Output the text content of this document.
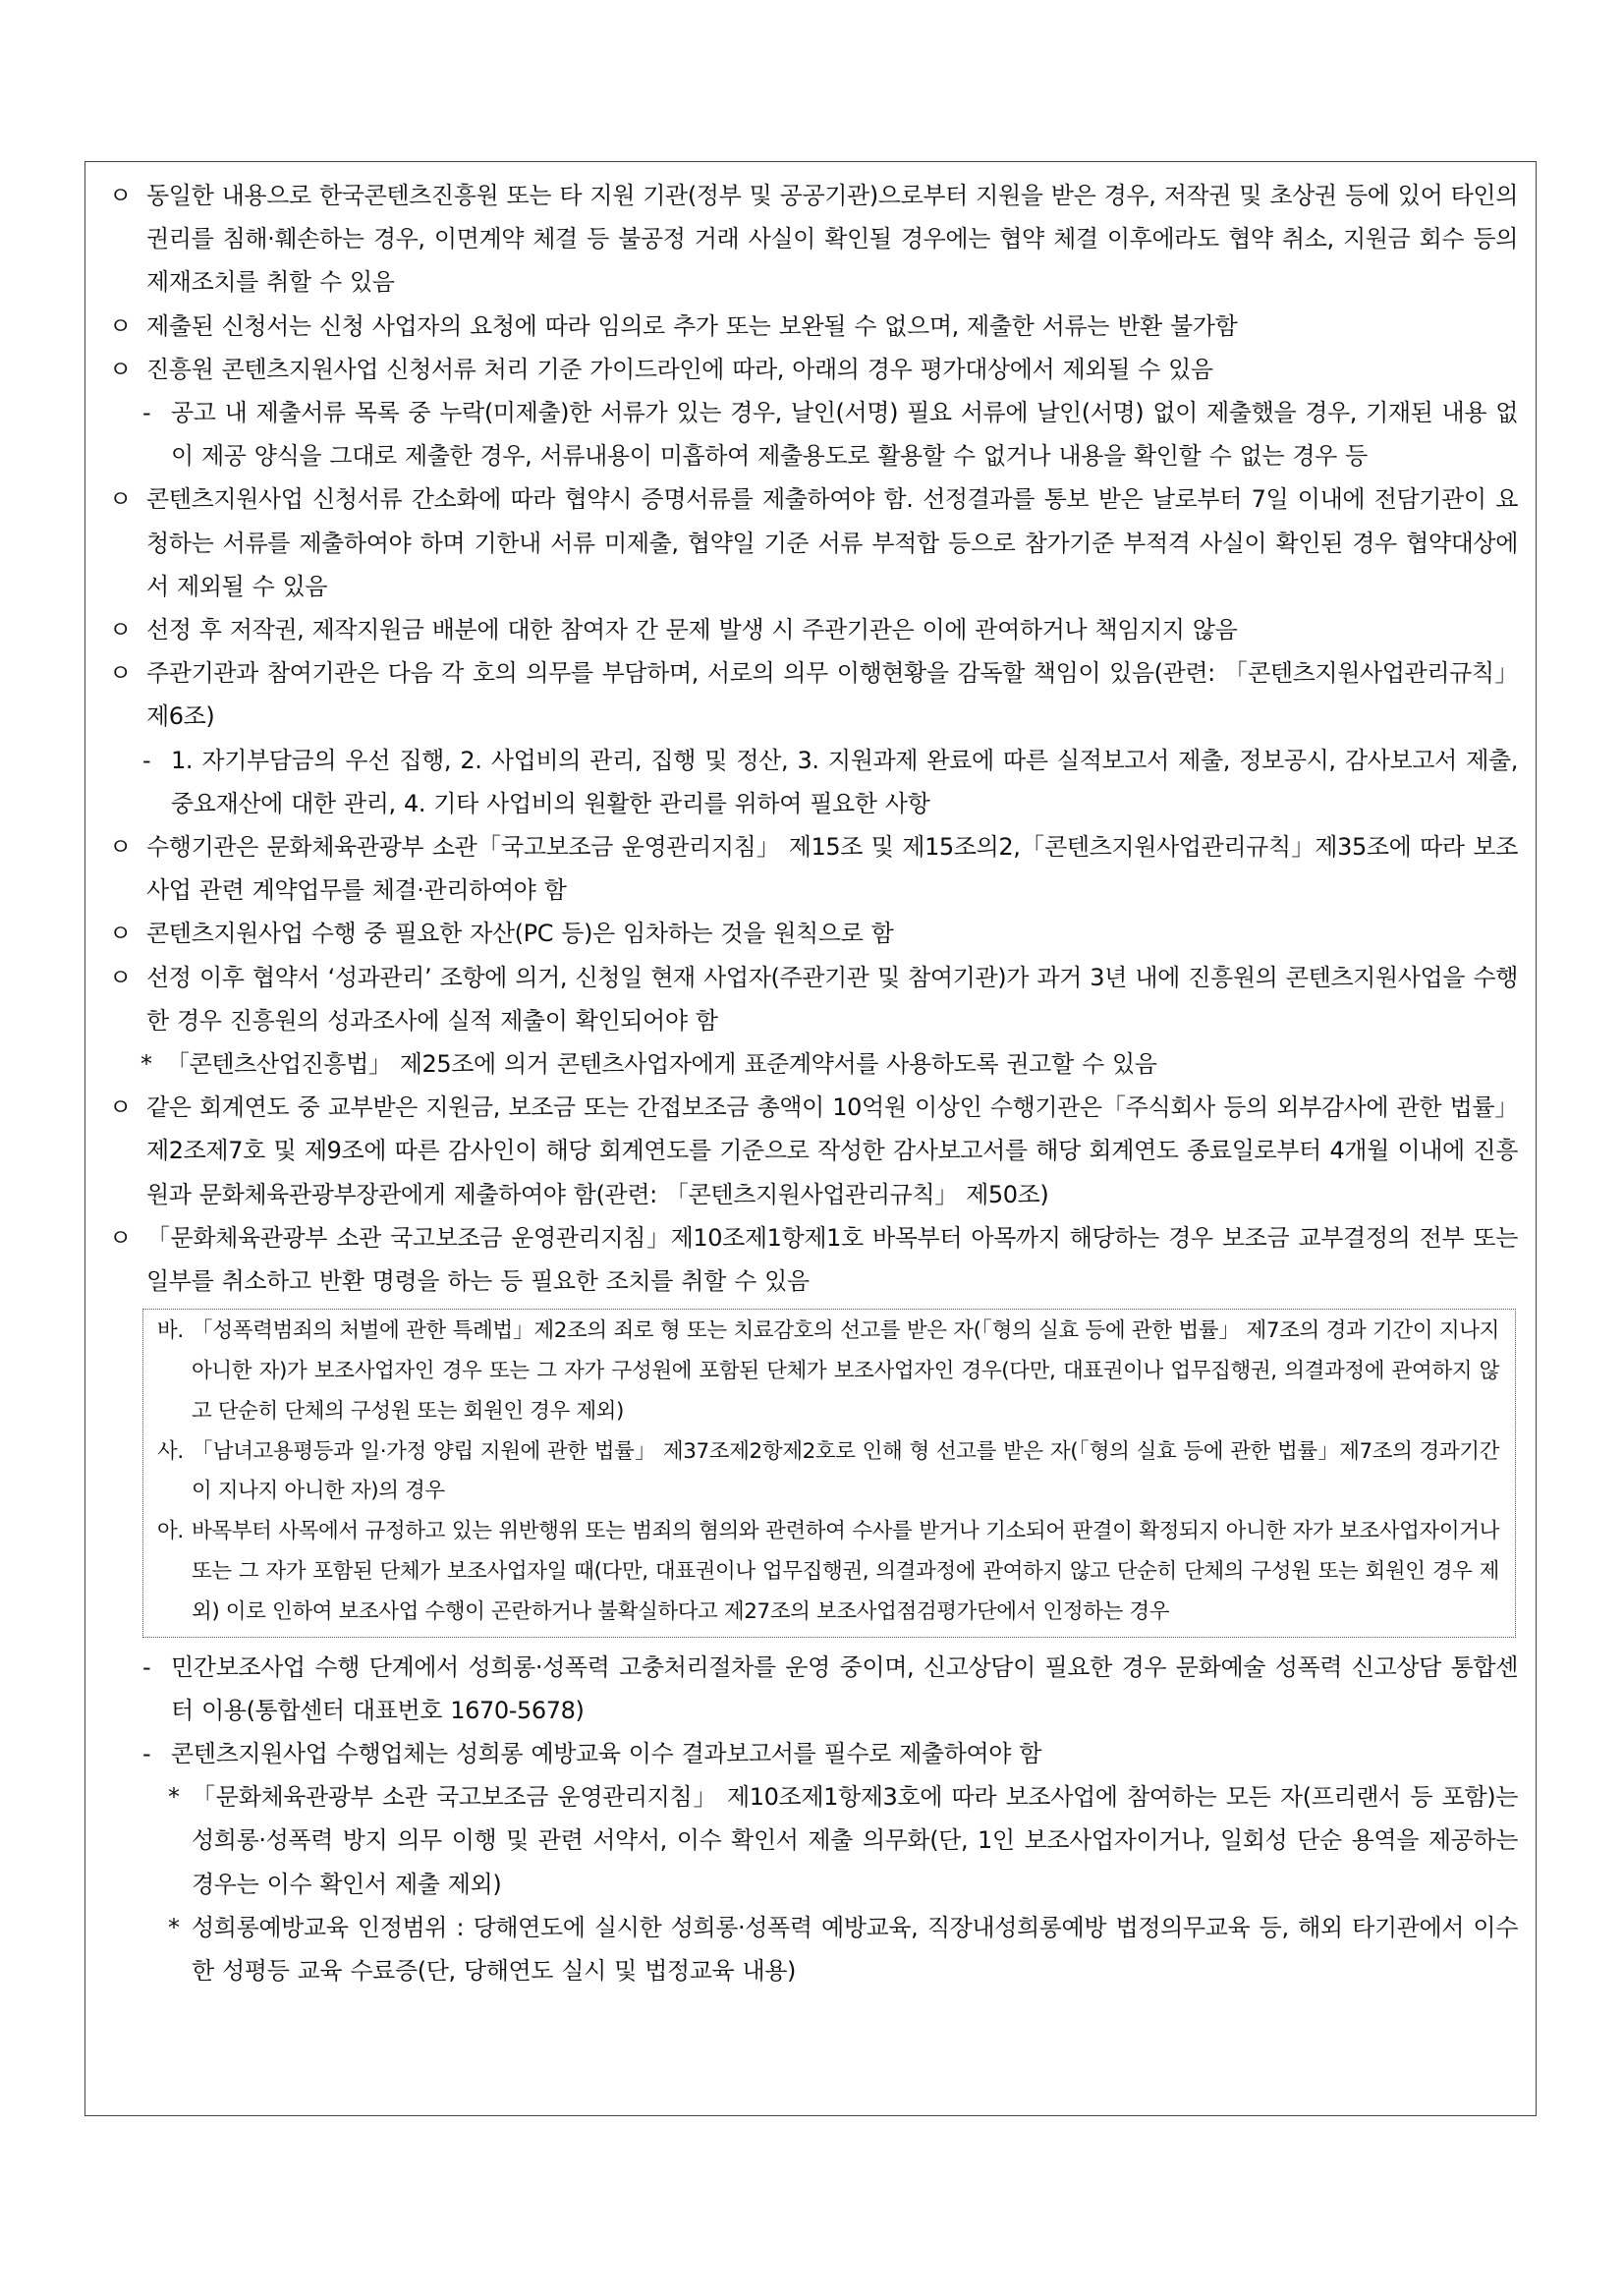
ㅇ 동일한 내용으로 한국콘텐츠진흥원 또는 타 지원 기관(정부 및 공공기관)으로부터 지원을 받은 경우, 저작권 및 초상권 등에 있어 타인의 권리를 침해·훼손하는 경우, 이면계약 체결 등 불공정 거래 사실이 확인될 경우에는 협약 체결 이후에라도 협약 취소, 지원금 회수 등의 제재조치를 취할 수 있음
ㅇ 제출된 신청서는 신청 사업자의 요청에 따라 임의로 추가 또는 보완될 수 없으며, 제출한 서류는 반환 불가함
ㅇ 진흥원 콘텐츠지원사업 신청서류 처리 기준 가이드라인에 따라, 아래의 경우 평가대상에서 제외될 수 있음
- 공고 내 제출서류 목록 중 누락(미제출)한 서류가 있는 경우, 날인(서명) 필요 서류에 날인(서명) 없이 제출했을 경우, 기재된 내용 없이 제공 양식을 그대로 제출한 경우, 서류내용이 미흡하여 제출용도로 활용할 수 없거나 내용을 확인할 수 없는 경우 등
ㅇ 콘텐츠지원사업 신청서류 간소화에 따라 협약시 증명서류를 제출하여야 함. 선정결과를 통보 받은 날로부터 7일 이내에 전담기관이 요청하는 서류를 제출하여야 하며 기한내 서류 미제출, 협약일 기준 서류 부적합 등으로 참가기준 부적격 사실이 확인된 경우 협약대상에서 제외될 수 있음
ㅇ 선정 후 저작권, 제작지원금 배분에 대한 참여자 간 문제 발생 시 주관기관은 이에 관여하거나 책임지지 않음
ㅇ 주관기관과 참여기관은 다음 각 호의 의무를 부담하며, 서로의 의무 이행현황을 감독할 책임이 있음(관련: 「콘텐츠지원사업관리규칙」 제6조)
- 1. 자기부담금의 우선 집행, 2. 사업비의 관리, 집행 및 정산, 3. 지원과제 완료에 따른 실적보고서 제출, 정보공시, 감사보고서 제출, 중요재산에 대한 관리, 4. 기타 사업비의 원활한 관리를 위하여 필요한 사항
ㅇ 수행기관은 문화체육관광부 소관「국고보조금 운영관리지침」 제15조 및 제15조의2,「콘텐츠지원사업관리규칙」제35조에 따라 보조사업 관련 계약업무를 체결·관리하여야 함
ㅇ 콘텐츠지원사업 수행 중 필요한 자산(PC 등)은 임차하는 것을 원칙으로 함
ㅇ 선정 이후 협약서 ‘성과관리’ 조항에 의거, 신청일 현재 사업자(주관기관 및 참여기관)가 과거 3년 내에 진흥원의 콘텐츠지원사업을 수행한 경우 진흥원의 성과조사에 실적 제출이 확인되어야 함
* 「콘텐츠산업진흥법」 제25조에 의거 콘텐츠사업자에게 표준계약서를 사용하도록 권고할 수 있음
ㅇ 같은 회계연도 중 교부받은 지원금, 보조금 또는 간접보조금 총액이 10억원 이상인 수행기관은「주식회사 등의 외부감사에 관한 법률」제2조제7호 및 제9조에 따른 감사인이 해당 회계연도를 기준으로 작성한 감사보고서를 해당 회계연도 종료일로부터 4개월 이내에 진흥원과 문화체육관광부장관에게 제출하여야 함(관련: 「콘텐츠지원사업관리규칙」 제50조)
ㅇ 「문화체육관광부 소관 국고보조금 운영관리지침」제10조제1항제1호 바목부터 아목까지 해당하는 경우 보조금 교부결정의 전부 또는 일부를 취소하고 반환 명령을 하는 등 필요한 조치를 취할 수 있음
바. 「성폭력범죄의 처벌에 관한 특례법」제2조의 죄로 형 또는 치료감호의 선고를 받은 자(「형의 실효 등에 관한 법률」 제7조의 경과 기간이 지나지 아니한 자)가 보조사업자인 경우 또는 그 자가 구성원에 포함된 단체가 보조사업자인 경우(다만, 대표권이나 업무집행권, 의결과정에 관여하지 않고 단순히 단체의 구성원 또는 회원인 경우 제외)
사. 「남녀고용평등과 일·가정 양립 지원에 관한 법률」 제37조제2항제2호로 인해 형 선고를 받은 자(「형의 실효 등에 관한 법률」제7조의 경과기간이 지나지 아니한 자)의 경우
아. 바목부터 사목에서 규정하고 있는 위반행위 또는 범죄의 혐의와 관련하여 수사를 받거나 기소되어 판결이 확정되지 아니한 자가 보조사업자이거나 또는 그 자가 포함된 단체가 보조사업자일 때(다만, 대표권이나 업무집행권, 의결과정에 관여하지 않고 단순히 단체의 구성원 또는 회원인 경우 제외) 이로 인하여 보조사업 수행이 곤란하거나 불확실하다고 제27조의 보조사업점검평가단에서 인정하는 경우
- 민간보조사업 수행 단계에서 성희롱·성폭력 고충처리절차를 운영 중이며, 신고상담이 필요한 경우 문화예술 성폭력 신고상담 통합센터 이용(통합센터 대표번호 1670-5678)
- 콘텐츠지원사업 수행업체는 성희롱 예방교육 이수 결과보고서를 필수로 제출하여야 함
* 「문화체육관광부 소관 국고보조금 운영관리지침」 제10조제1항제3호에 따라 보조사업에 참여하는 모든 자(프리랜서 등 포함)는 성희롱·성폭력 방지 의무 이행 및 관련 서약서, 이수 확인서 제출 의무화(단, 1인 보조사업자이거나, 일회성 단순 용역을 제공하는 경우는 이수 확인서 제출 제외)
* 성희롱예방교육 인정범위 : 당해연도에 실시한 성희롱·성폭력 예방교육, 직장내성희롱예방 법정의무교육 등, 해외 타기관에서 이수한 성평등 교육 수료증(단, 당해연도 실시 및 법정교육 내용)
